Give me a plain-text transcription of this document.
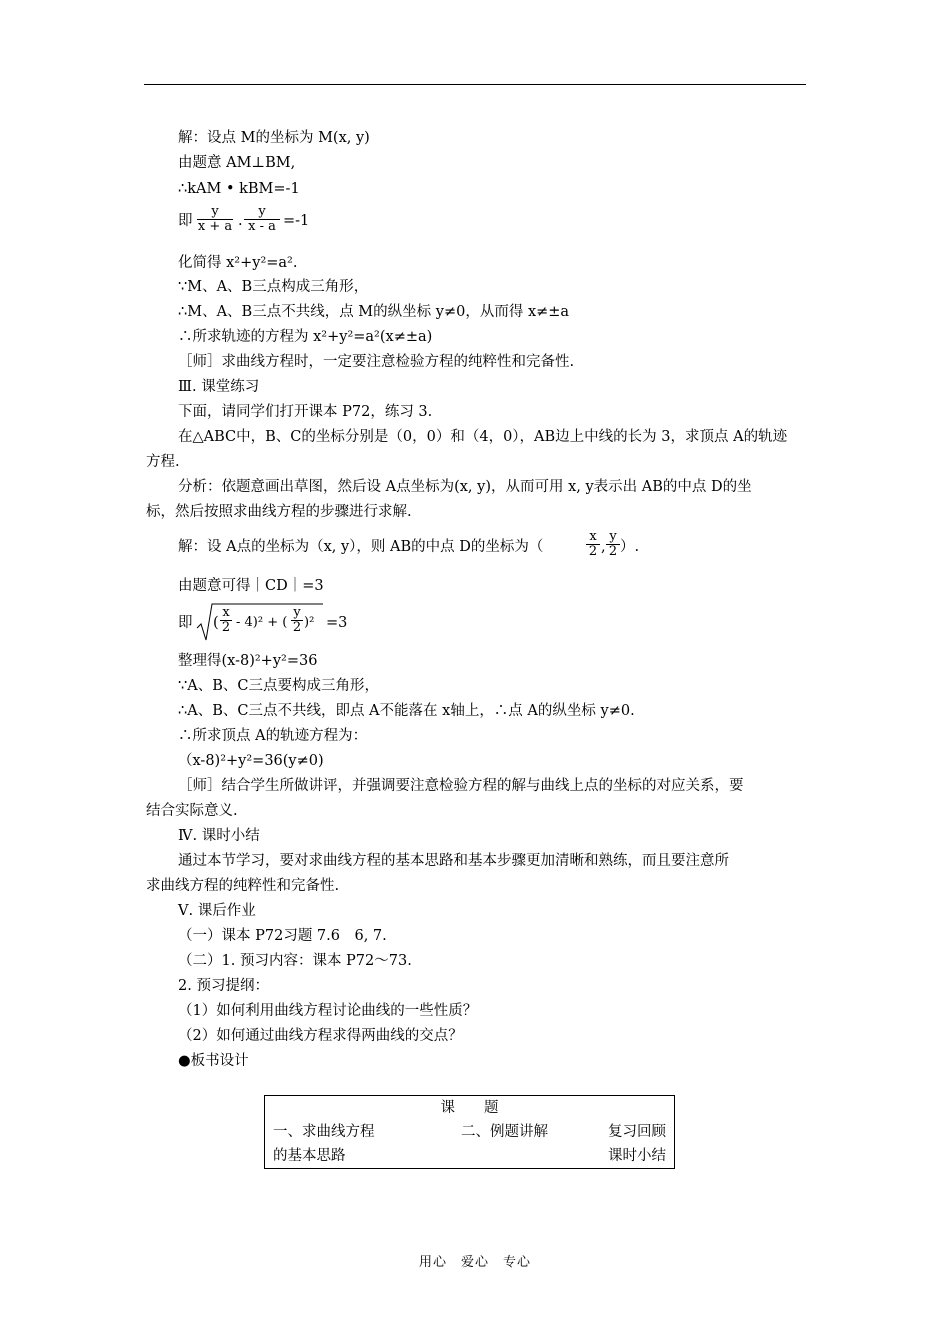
解：设点 M的坐标为 M(x, y)
由题意 AM⊥BM,
∴kAM • kBM=-1
即
y
x + a .
y
x - a =-1
化简得 x²+y²=a².
∵M、A、B三点构成三角形，
∴M、A、B三点不共线，点 M的纵坐标 y≠0，从而得 x≠±a
∴所求轨迹的方程为 x²+y²=a²(x≠±a)
［师］求曲线方程时，一定要注意检验方程的纯粹性和完备性.
Ⅲ. 课堂练习
下面，请同学们打开课本 P72，练习 3.
在△ABC中，B、C的坐标分别是（0，0）和（4，0），AB边上中线的长为 3，求顶点 A的轨迹
方程.
分析：依题意画出草图，然后设 A点坐标为(x, y)，从而可用 x, y表示出 AB的中点 D的坐
标，然后按照求曲线方程的步骤进行求解.
解：设 A点的坐标为（x, y），则 AB的中点 D的坐标为（
x
2 ,
y
2 ）.
由题意可得｜CD｜=3
即 (
x
2 - 4)² + (
y
2 )² =3
整理得(x-8)²+y²=36
∵A、B、C三点要构成三角形，
∴A、B、C三点不共线，即点 A不能落在 x轴上，∴点 A的纵坐标 y≠0.
∴所求顶点 A的轨迹方程为：
（x-8)²+y²=36(y≠0)
［师］结合学生所做讲评，并强调要注意检验方程的解与曲线上点的坐标的对应关系，要
结合实际意义.
Ⅳ. 课时小结
通过本节学习，要对求曲线方程的基本思路和基本步骤更加清晰和熟练，而且要注意所
求曲线方程的纯粹性和完备性.
Ⅴ. 课后作业
（一）课本 P72习题 7.6　6, 7.
（二）1. 预习内容：课本 P72～73.
2. 预习提纲：
（1）如何利用曲线方程讨论曲线的一些性质？
（2）如何通过曲线方程求得两曲线的交点？
●板书设计
课　　题		
一、求曲线方程	二、例题讲解	复习回顾
的基本思路		课时小结
用心　爱心　专心
